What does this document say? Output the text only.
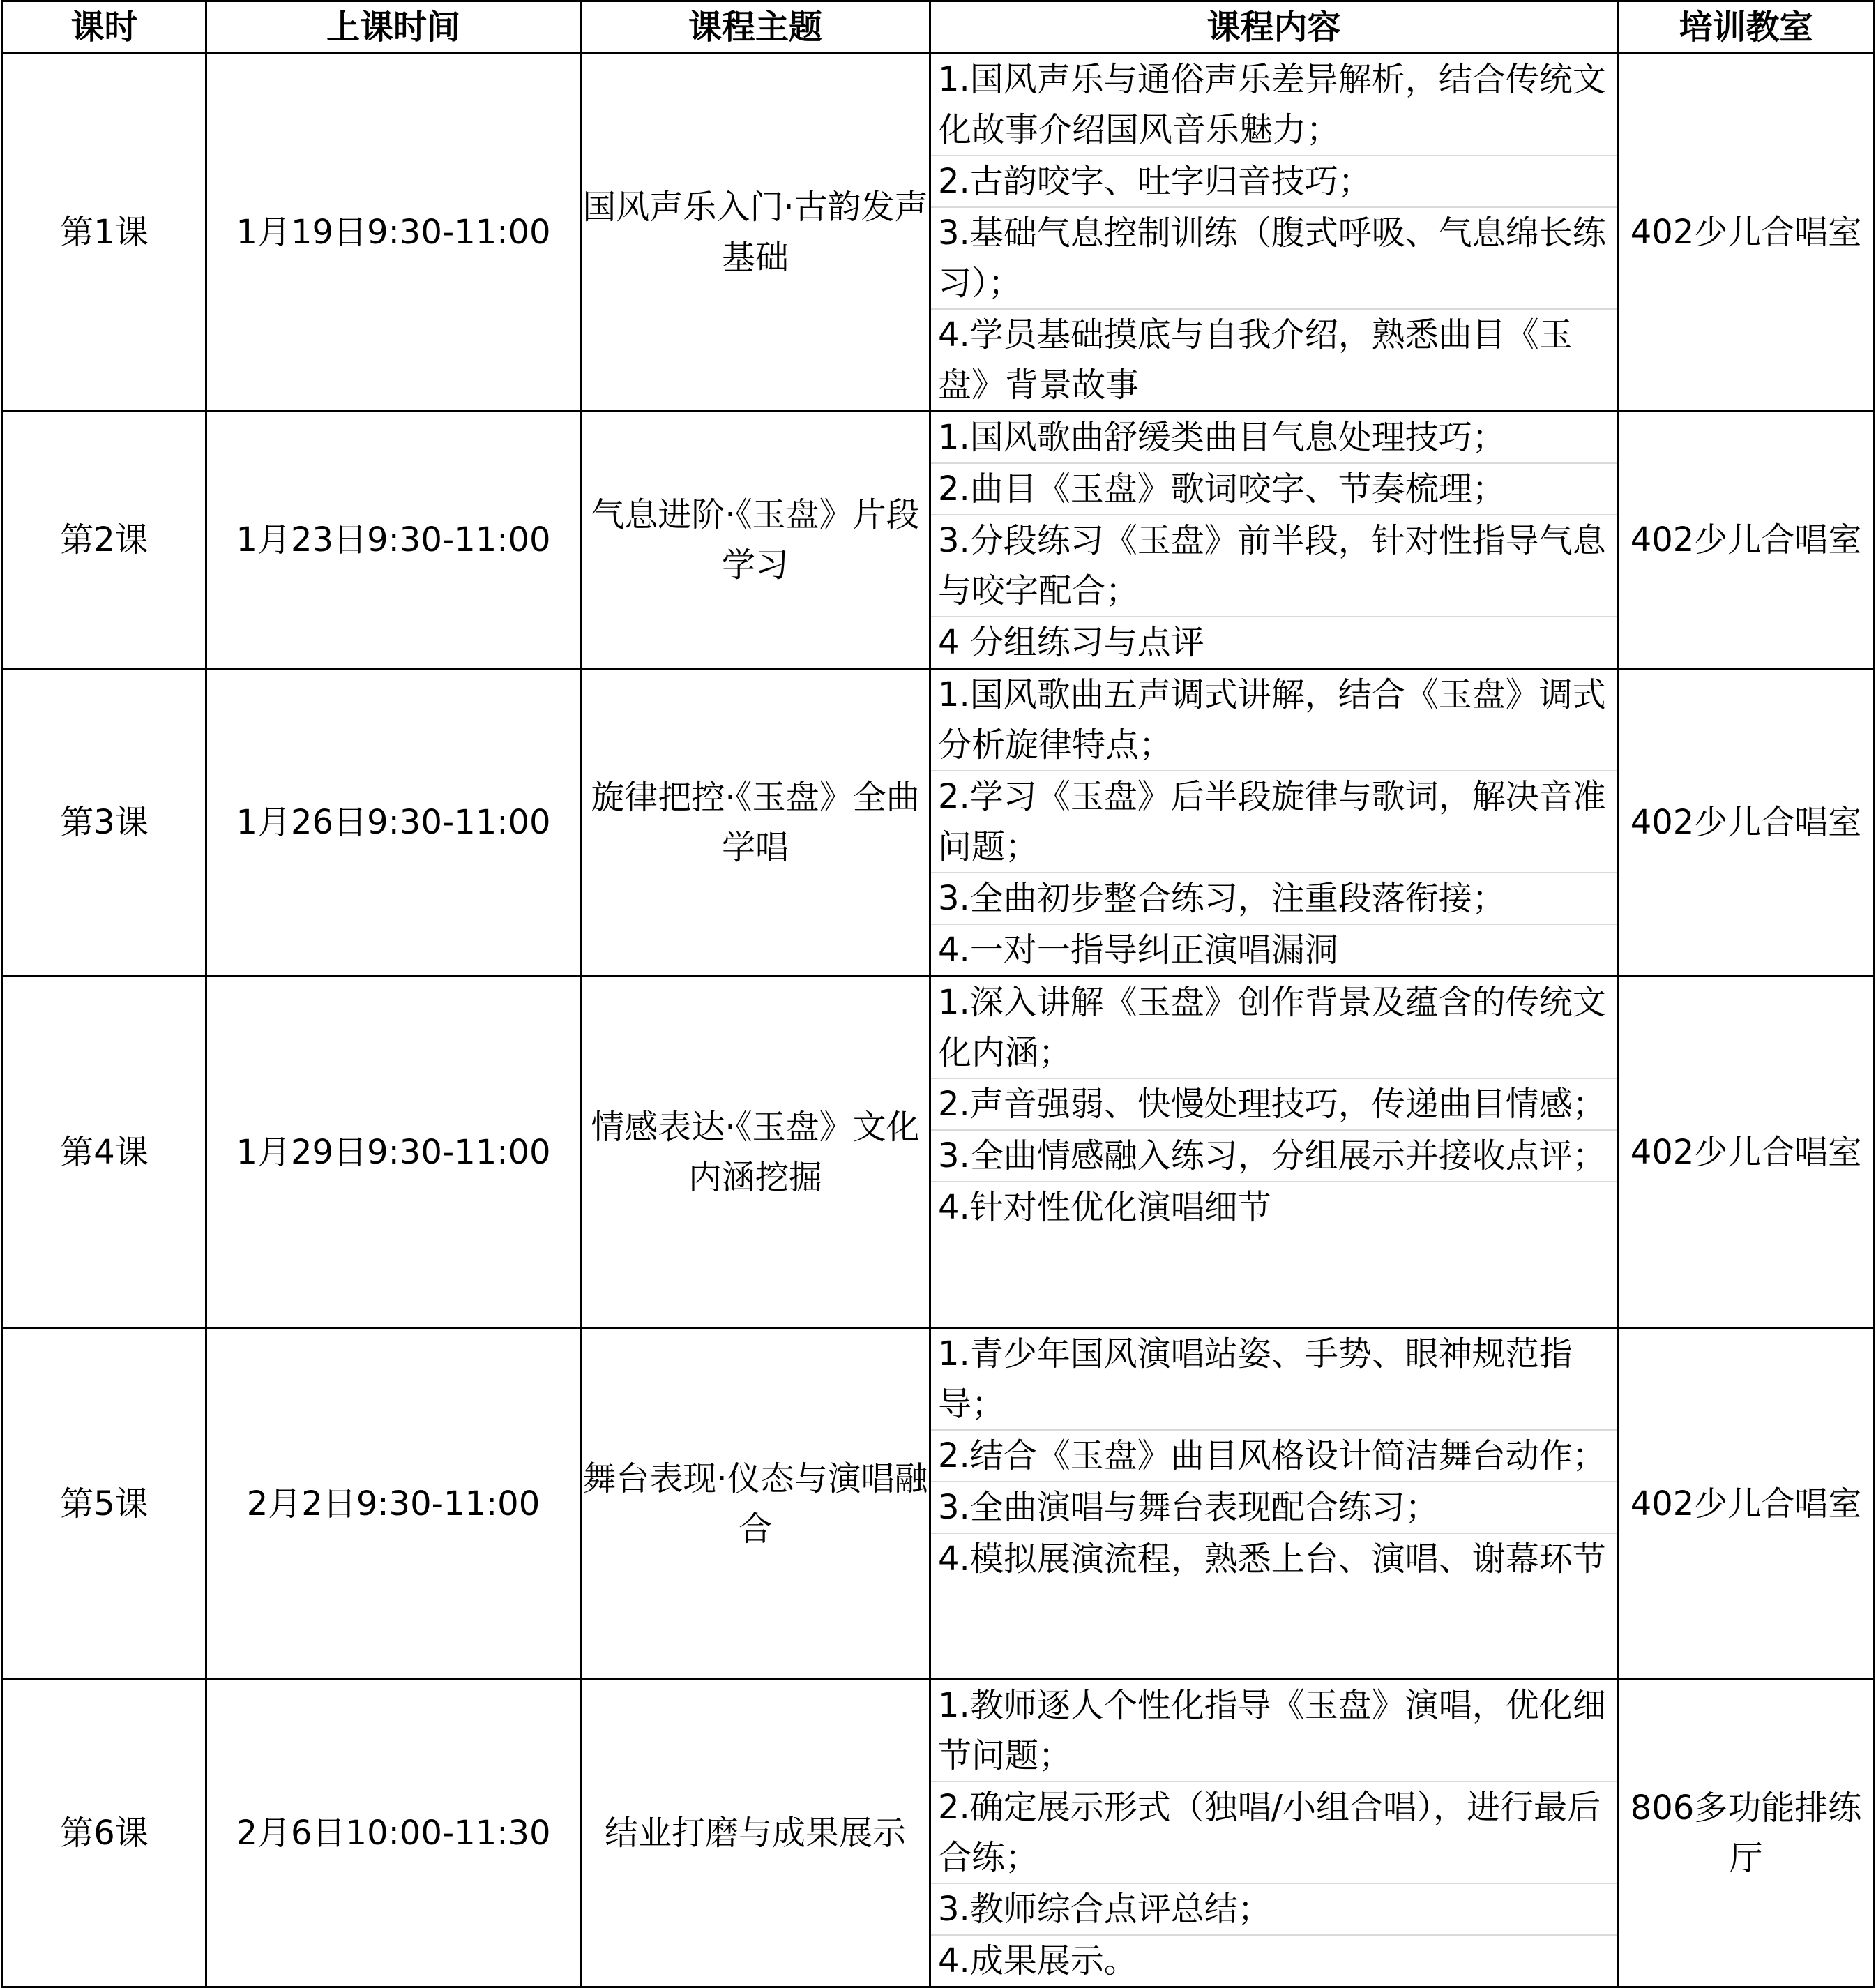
课时	上课时间	课程主题	课程内容	培训教室
第1课	1月19日9:30-11:00	国风声乐入门·古韵发声基础	1.国风声乐与通俗声乐差异解析，结合传统文化故事介绍国风音乐魅力；
2.古韵咬字、吐字归音技巧；
3.基础气息控制训练（腹式呼吸、气息绵长练习）；
4.学员基础摸底与自我介绍，熟悉曲目《玉盘》背景故事	402少儿合唱室
第2课	1月23日9:30-11:00	气息进阶·《玉盘》片段学习	1.国风歌曲舒缓类曲目气息处理技巧；
2.曲目《玉盘》歌词咬字、节奏梳理；
3.分段练习《玉盘》前半段，针对性指导气息与咬字配合；
4 分组练习与点评	402少儿合唱室
第3课	1月26日9:30-11:00	旋律把控·《玉盘》全曲学唱	1.国风歌曲五声调式讲解，结合《玉盘》调式分析旋律特点；
2.学习《玉盘》后半段旋律与歌词，解决音准问题；
3.全曲初步整合练习，注重段落衔接；
4.一对一指导纠正演唱漏洞	402少儿合唱室
第4课	1月29日9:30-11:00	情感表达·《玉盘》文化内涵挖掘	1.深入讲解《玉盘》创作背景及蕴含的传统文化内涵；
2.声音强弱、快慢处理技巧，传递曲目情感；
3.全曲情感融入练习，分组展示并接收点评；
4.针对性优化演唱细节	402少儿合唱室
第5课	2月2日9:30-11:00	舞台表现·仪态与演唱融合	1.青少年国风演唱站姿、手势、眼神规范指导；
2.结合《玉盘》曲目风格设计简洁舞台动作；
3.全曲演唱与舞台表现配合练习；
4.模拟展演流程，熟悉上台、演唱、谢幕环节	402少儿合唱室
第6课	2月6日10:00-11:30	结业打磨与成果展示	1.教师逐人个性化指导《玉盘》演唱，优化细节问题；
2.确定展示形式（独唱/小组合唱），进行最后合练；
3.教师综合点评总结；
4.成果展示。	806多功能排练厅
